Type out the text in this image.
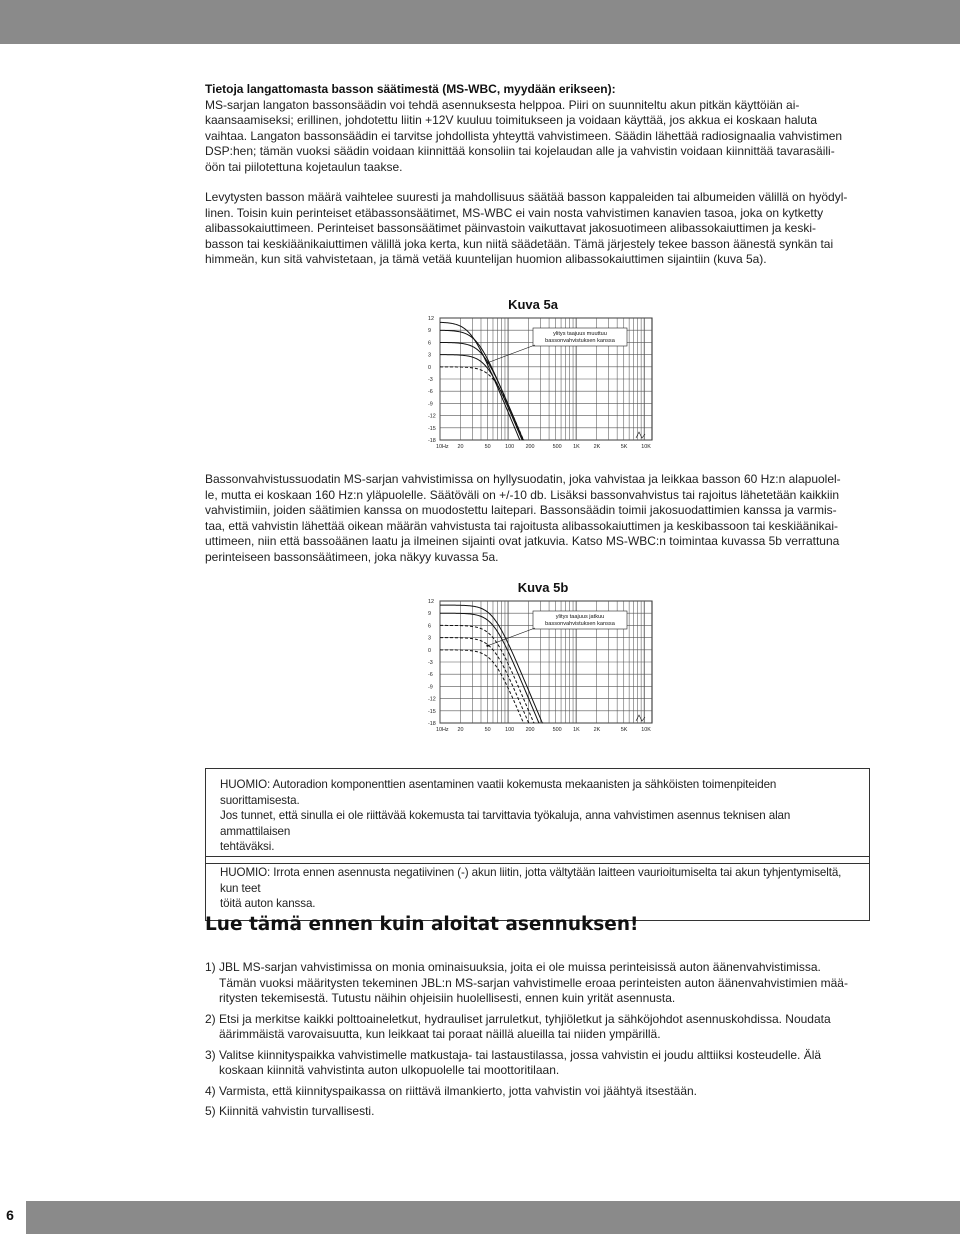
Tietoja langattomasta basson säätimestä (MS-WBC, myydään erikseen):

MS-sarjan langaton bassonsäädin voi tehdä asennuksesta helppoa. Piiri on suunniteltu akun pitkän käyttöiän ai-
kaansaamiseksi; erillinen, johdotettu liitin +12V kuuluu toimitukseen ja voidaan käyttää, jos akkua ei koskaan haluta
vaihtaa. Langaton bassonsäädin ei tarvitse johdollista yhteyttä vahvistimeen. Säädin lähettää radiosignaalia vahvistimen
DSP:hen; tämän vuoksi säädin voidaan kiinnittää konsoliin tai kojelaudan alle ja vahvistin voidaan kiinnittää tavarasäili-
öön tai piilotettuna kojetaulun taakse.

Levytysten basson määrä vaihtelee suuresti ja mahdollisuus säätää basson kappaleiden tai albumeiden välillä on hyödyl-
linen. Toisin kuin perinteiset etäbassonsäätimet, MS-WBC ei vain nosta vahvistimen kanavien tasoa, joka on kytketty
alibassokaiuttimeen. Perinteiset bassonsäätimet päinvastoin vaikuttavat jakosuotimeen alibassokaiuttimen ja keski-
basson tai keskiäänikaiuttimen välillä joka kerta, kun niitä säädetään. Tämä järjestely tekee basson äänestä synkän tai
himmeän, kun sitä vahvistetaan, ja tämä vetää kuuntelijan huomion alibassokaiuttimen sijaintiin (kuva 5a).

Kuva 5a
12
9
6
3
0
-3
-6
-9
-12
-15
-18
10Hz 20	50	100 200	500 1K	2K	5K	10K
ylitys taajuus muuttuu
bassonvahvistuksen kanssa

Bassonvahvistussuodatin MS-sarjan vahvistimissa on hyllysuodatin, joka vahvistaa ja leikkaa basson 60 Hz:n alapuolel-
le, mutta ei koskaan 160 Hz:n yläpuolelle. Säätöväli on +/-10 db. Lisäksi bassonvahvistus tai rajoitus lähetetään kaikkiin
vahvistimiin, joiden säätimien kanssa on muodostettu laitepari. Bassonsäädin toimii jakosuodattimien kanssa ja varmis-
taa, että vahvistin lähettää oikean määrän vahvistusta tai rajoitusta alibassokaiuttimen ja keskibassoon tai keskiäänikai-
uttimeen, niin että bassoäänen laatu ja ilmeinen sijainti ovat jatkuvia. Katso MS-WBC:n toimintaa kuvassa 5b verrattuna
perinteiseen bassonsäätimeen, joka näkyy kuvassa 5a.

Kuva 5b
12
9
6
3
0
-3
-6
-9
-12
-15
-18
10Hz 20	50	100 200	500 1K	2K	5K	10K
ylitys taajuus jatkuu
bassonvahvistuksen kanssa
HUOMIO: Autoradion komponenttien asentaminen vaatii kokemusta mekaanisten ja sähköisten toimenpiteiden suorittamisesta.
Jos tunnet, että sinulla ei ole riittävää kokemusta tai tarvittavia työkaluja, anna vahvistimen asennus teknisen alan ammattilaisen
tehtäväksi.
HUOMIO: Irrota ennen asennusta negatiivinen (-) akun liitin, jotta vältytään laitteen vaurioitumiselta tai akun tyhjentymiseltä, kun teet
töitä auton kanssa.
Lue tämä ennen kuin aloitat asennuksen!
1) JBL MS-sarjan vahvistimissa on monia ominaisuuksia, joita ei ole muissa perinteisissä auton äänenvahvistimissa.
Tämän vuoksi määritysten tekeminen JBL:n MS-sarjan vahvistimelle eroaa perinteisten auton äänenvahvistimien mää-
ritysten tekemisestä. Tutustu näihin ohjeisiin huolellisesti, ennen kuin yrität asennusta.
2) Etsi ja merkitse kaikki polttoaineletkut, hydrauliset jarruletkut, tyhjiöletkut ja sähköjohdot asennuskohdissa. Noudata
äärimmäistä varovaisuutta, kun leikkaat tai poraat näillä alueilla tai niiden ympärillä.
3) Valitse kiinnityspaikka vahvistimelle matkustaja- tai lastaustilassa, jossa vahvistin ei joudu alttiiksi kosteudelle. Älä
koskaan kiinnitä vahvistinta auton ulkopuolelle tai moottoritilaan.
4) Varmista, että kiinnityspaikassa on riittävä ilmankierto, jotta vahvistin voi jäähtyä itsestään.
5) Kiinnitä vahvistin turvallisesti.
6
